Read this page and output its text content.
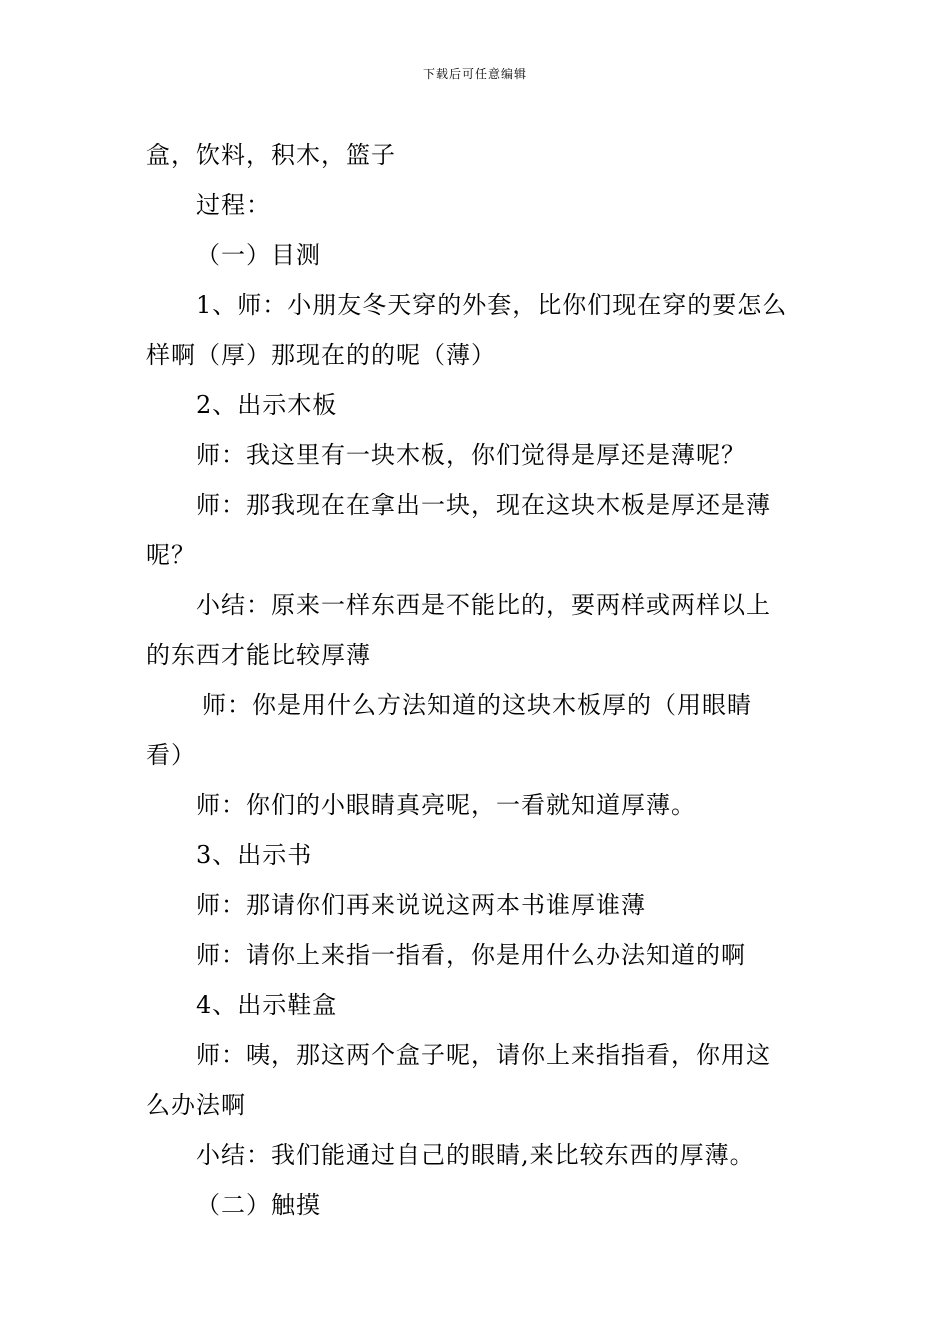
下载后可任意编辑
盒，饮料，积木，篮子
过程：
（一）目测
1、师：小朋友冬天穿的外套，比你们现在穿的要怎么
样啊（厚）那现在的的呢（薄）
2、出示木板
师：我这里有一块木板，你们觉得是厚还是薄呢？
师：那我现在在拿出一块，现在这块木板是厚还是薄
呢？
小结：原来一样东西是不能比的，要两样或两样以上
的东西才能比较厚薄
师：你是用什么方法知道的这块木板厚的（用眼睛
看）
师：你们的小眼睛真亮呢，一看就知道厚薄。
3、出示书
师：那请你们再来说说这两本书谁厚谁薄
师：请你上来指一指看，你是用什么办法知道的啊
4、出示鞋盒
师：咦，那这两个盒子呢，请你上来指指看，你用这
么办法啊
小结：我们能通过自己的眼睛,来比较东西的厚薄。
（二）触摸
